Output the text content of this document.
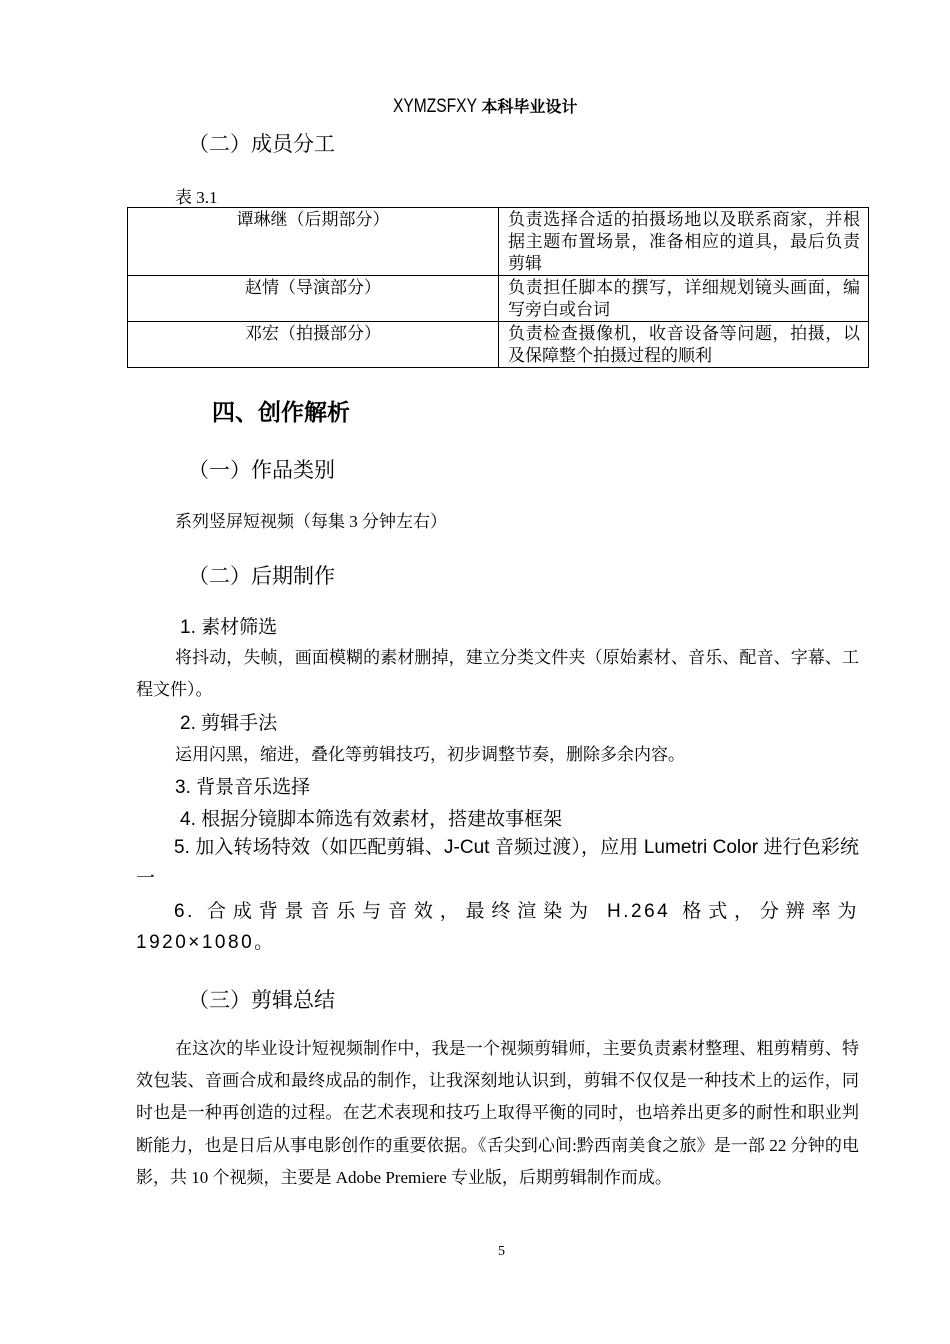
XYMZSFXY 本科毕业设计
（二）成员分工
表 3.1
谭琳继（后期部分）	负责选择合适的拍摄场地以及联系商家，并根据主题布置场景，准备相应的道具，最后负责剪辑
赵情（导演部分）	负责担任脚本的撰写，详细规划镜头画面，编写旁白或台词
邓宏（拍摄部分）	负责检查摄像机，收音设备等问题，拍摄，以及保障整个拍摄过程的顺利
四、创作解析
（一）作品类别
系列竖屏短视频（每集 3 分钟左右）
（二）后期制作
1. 素材筛选
将抖动，失帧，画面模糊的素材删掉，建立分类文件夹（原始素材、音乐、配音、字幕、工程文件）。
2. 剪辑手法
运用闪黑，缩进，叠化等剪辑技巧，初步调整节奏，删除多余内容。
3. 背景音乐选择
4. 根据分镜脚本筛选有效素材，搭建故事框架
5. 加入转场特效（如匹配剪辑、J-Cut 音频过渡），应用 Lumetri Color 进行色彩统一
6. 合成背景音乐与音效，最终渲染为 H.264 格式，分辨率为 1920×1080。
（三）剪辑总结
在这次的毕业设计短视频制作中，我是一个视频剪辑师，主要负责素材整理、粗剪精剪、特效包装、音画合成和最终成品的制作，让我深刻地认识到，剪辑不仅仅是一种技术上的运作，同时也是一种再创造的过程。在艺术表现和技巧上取得平衡的同时，也培养出更多的耐性和职业判断能力，也是日后从事电影创作的重要依据。《舌尖到心间:黔西南美食之旅》是一部 22 分钟的电影，共 10 个视频，主要是 Adobe Premiere 专业版，后期剪辑制作而成。
5
